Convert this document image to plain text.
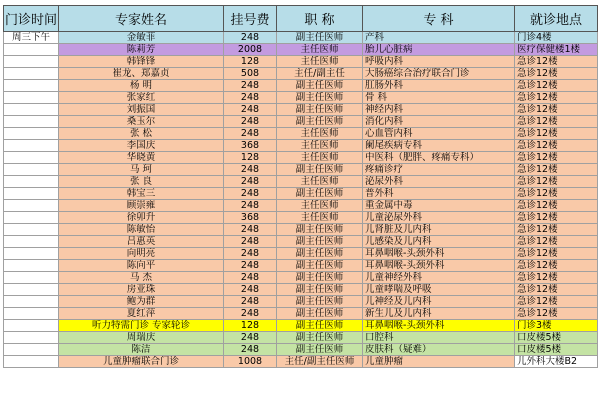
门诊时间	专家姓名	挂号费	职 称	专 科	就诊地点
周三下午	金敏菲	248	副主任医师	产科	门诊4楼
	陈莉芳	2008	主任医师	胎儿心脏病	医疗保健楼1楼
	韩锋锋	128	主任医师	呼吸内科	急诊12楼
	崔龙、郑嘉贞	508	主任/副主任	大肠癌综合治疗联合门诊	急诊12楼
	杨 明	248	副主任医师	肛肠外科	急诊12楼
	张家红	248	副主任医师	骨 科	急诊12楼
	刘振国	248	副主任医师	神经内科	急诊12楼
	桑玉尔	248	副主任医师	消化内科	急诊12楼
	张 松	248	主任医师	心血管内科	急诊12楼
	李国庆	368	主任医师	阑尾疾病专科	急诊12楼
	华晓黄	128	主任医师	中医科（肥胖、疼痛专科）	急诊12楼
	马 珂	248	副主任医师	疼痛诊疗	急诊12楼
	张 良	248	主任医师	泌尿外科	急诊12楼
	韩宝三	248	副主任医师	普外科	急诊12楼
	顾崇雍	248	主任医师	重金属中毒	急诊12楼
	徐卯升	368	主任医师	儿童泌尿外科	急诊12楼
	陈敏怡	248	副主任医师	儿肾脏及儿内科	急诊12楼
	吕惠英	248	副主任医师	儿感染及儿内科	急诊12楼
	向明亮	248	副主任医师	耳鼻咽喉-头颈外科	急诊12楼
	陈向平	248	副主任医师	耳鼻咽喉-头颈外科	急诊12楼
	马 杰	248	副主任医师	儿童神经外科	急诊12楼
	房亚珠	248	副主任医师	儿童哮喘及呼吸	急诊12楼
	鲍为群	248	副主任医师	儿神经及儿内科	急诊12楼
	夏红萍	248	副主任医师	新生儿及儿内科	急诊12楼
	听力特需门诊 专家轮诊	128	副主任医师	耳鼻咽喉-头颈外科	门诊3楼
	周瑞庆	248	副主任医师	口腔科	口皮楼5楼
	陈洁	248	副主任医师	皮肤科（疑难）	口皮楼5楼
	儿童肿瘤联合门诊	1008	主任/副主任医师	儿童肿瘤	儿外科大楼B2
